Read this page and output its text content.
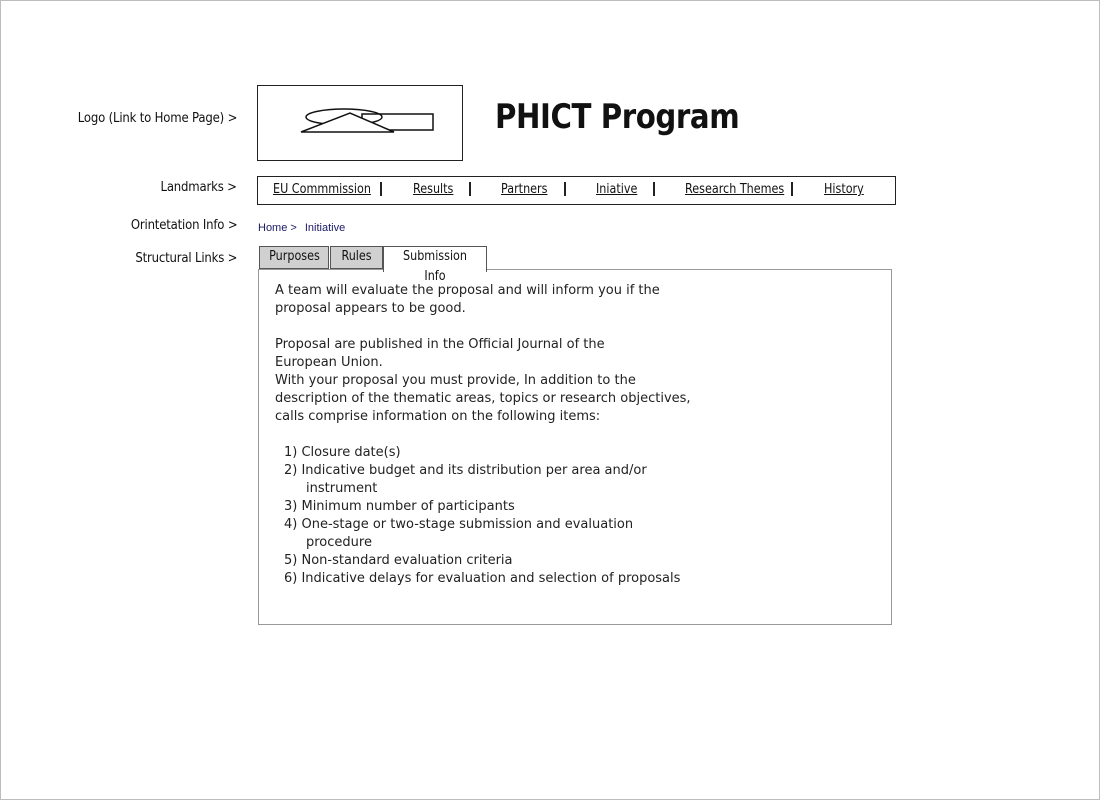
Logo (Link to Home Page) >
Landmarks >
Orintetation Info >
Structural Links >
PHICT Program
EU Commmission	Results	Partners	Iniative	Research Themes	History
Home > Initiative
Purposes	Rules	Submission Info

A team will evaluate the proposal and will inform you if the

proposal appears to be good.

Proposal are published in the Official Journal of the

European Union.

With your proposal you must provide, In addition to the

description of the thematic areas, topics or research objectives,

calls comprise information on the following items:

1) Closure date(s)
2) Indicative budget and its distribution per area and/or
instrument
3) Minimum number of participants
4) One-stage or two-stage submission and evaluation
procedure
5) Non-standard evaluation criteria
6) Indicative delays for evaluation and selection of proposals
